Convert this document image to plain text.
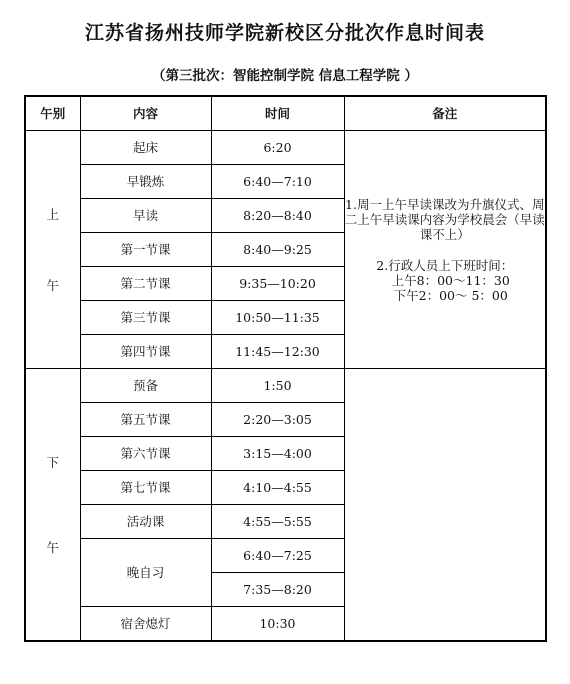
江苏省扬州技师学院新校区分批次作息时间表
（第三批次：智能控制学院 信息工程学院 ）
午别	内容	时间	备注

上
午	起床	6:20	1.周一上午早读课改为升旗仪式、周二上午早读课内容为学校晨会（早读课不上）
2.行政人员上下班时间：
上午8：00～11：30
下午2：00～ 5：00

	早锻炼	6:40—7:10	
	早读	8:20—8:40	
	第一节课	8:40—9:25	
	第二节课	9:35—10:20	
	第三节课	10:50—11:35	
	第四节课	11:45—12:30	

下
午	预备	1:50	
	第五节课	2:20—3:05	
	第六节课	3:15—4:00	
	第七节课	4:10—4:55	
	活动课	4:55—5:55	
	晚自习	6:40—7:25	
		7:35—8:20	
	宿舍熄灯	10:30	
